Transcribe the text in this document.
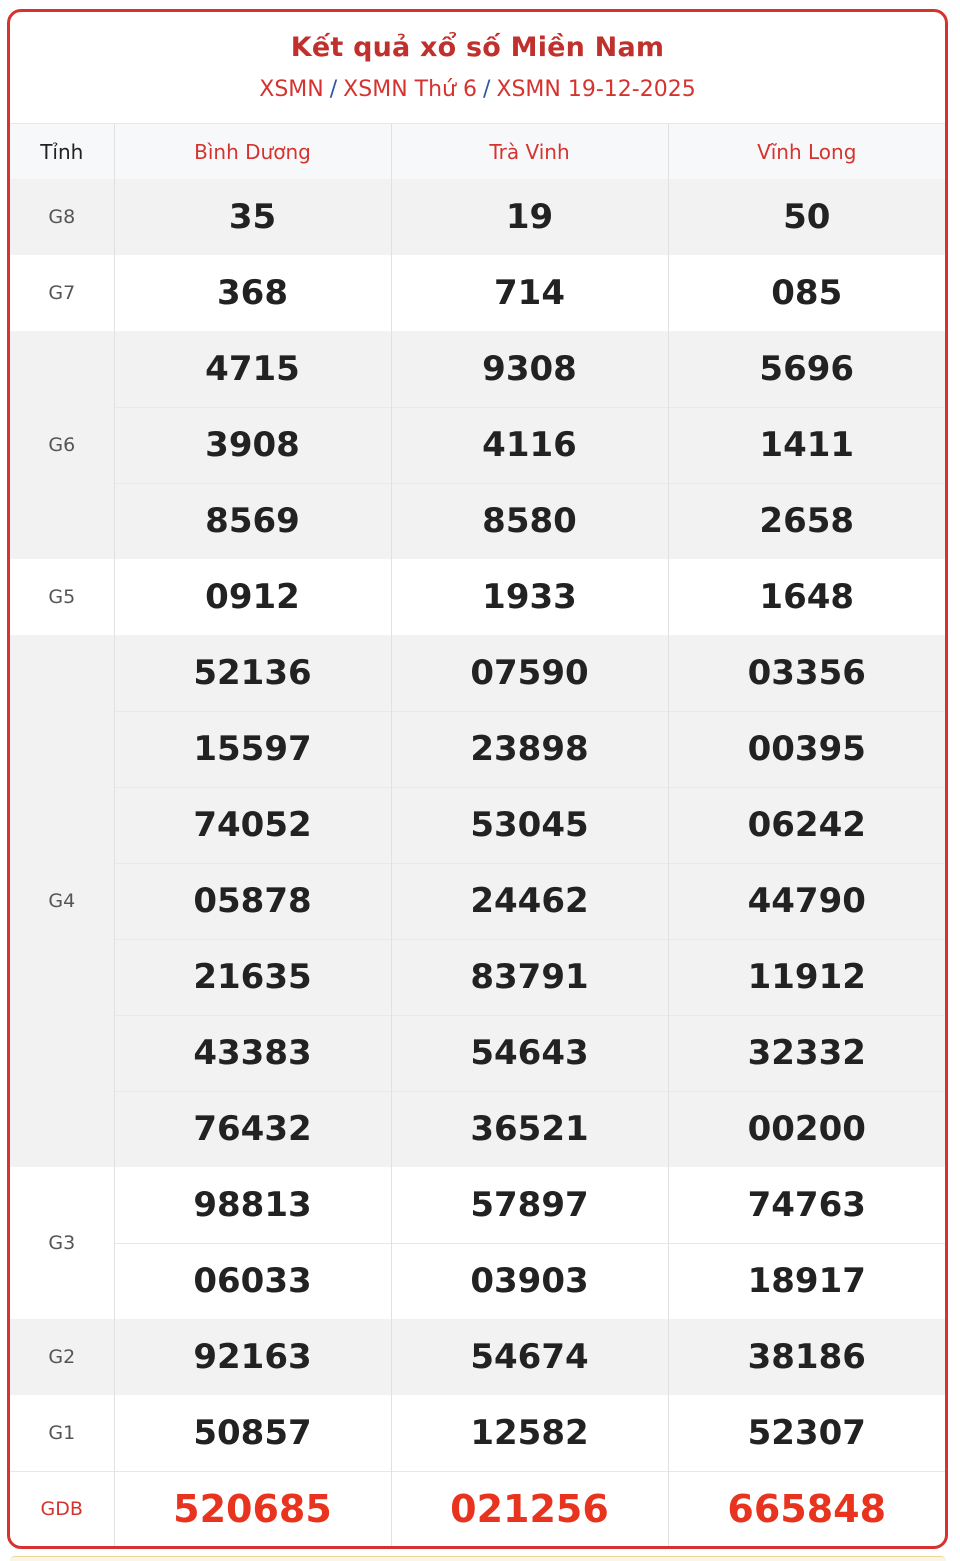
Kết quả xổ số Miền Nam
XSMN / XSMN Thứ 6 / XSMN 19-12-2025
Tỉnh	Bình Dương	Trà Vinh	Vĩnh Long
G8	35	19	50
G7	368	714	085
G6	4715	9308	5696
	3908	4116	1411
	8569	8580	2658
G5	0912	1933	1648
G4	52136	07590	03356
	15597	23898	00395
	74052	53045	06242
	05878	24462	44790
	21635	83791	11912
	43383	54643	32332
	76432	36521	00200
G3	98813	57897	74763
	06033	03903	18917
G2	92163	54674	38186
G1	50857	12582	52307
GDB	520685	021256	665848
